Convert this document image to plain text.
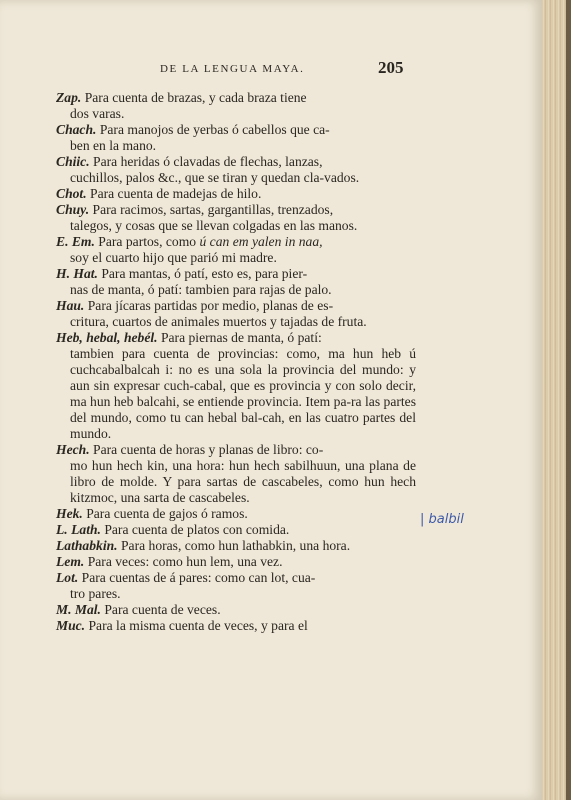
DE LA LENGUA MAYA.	205

Zap. Para cuenta de brazas, y cada braza tiene
dos varas.

Chach. Para manojos de yerbas ó cabellos que ca-
ben en la mano.

Chiic. Para heridas ó clavadas de flechas, lanzas,
cuchillos, palos &c., que se tiran y quedan cla-vados.

Chot. Para cuenta de madejas de hilo.

Chuy. Para racimos, sartas, gargantillas, trenzados,
talegos, y cosas que se llevan colgadas en las manos.

E. Em. Para partos, como ú can em yalen in naa,
soy el cuarto hijo que parió mi madre.

H. Hat. Para mantas, ó patí, esto es, para pier-
nas de manta, ó patí: tambien para rajas de palo.

Hau. Para jícaras partidas por medio, planas de es-
critura, cuartos de animales muertos y tajadas de fruta.

Heb, hebal, hebél. Para piernas de manta, ó patí:
tambien para cuenta de provincias: como, ma hun heb ú cuchcabalbalcah i: no es una sola la provincia del mundo: y aun sin expresar cuch-cabal, que es provincia y con solo decir, ma hun heb balcahi, se entiende provincia. Item pa-ra las partes del mundo, como tu can hebal bal-cah, en las cuatro partes del mundo.

Hech. Para cuenta de horas y planas de libro: co-
mo hun hech kin, una hora: hun hech sabilhuun, una plana de libro de molde. Y para sartas de cascabeles, como hun hech kitzmoc, una sarta de cascabeles.

Hek. Para cuenta de gajos ó ramos.

L. Lath. Para cuenta de platos con comida.

Lathabkin. Para horas, como hun lathabkin, una hora.

Lem. Para veces: como hun lem, una vez.

Lot. Para cuentas de á pares: como can lot, cua-
tro pares.

M. Mal. Para cuenta de veces.

Muc. Para la misma cuenta de veces, y para el

| balbil
